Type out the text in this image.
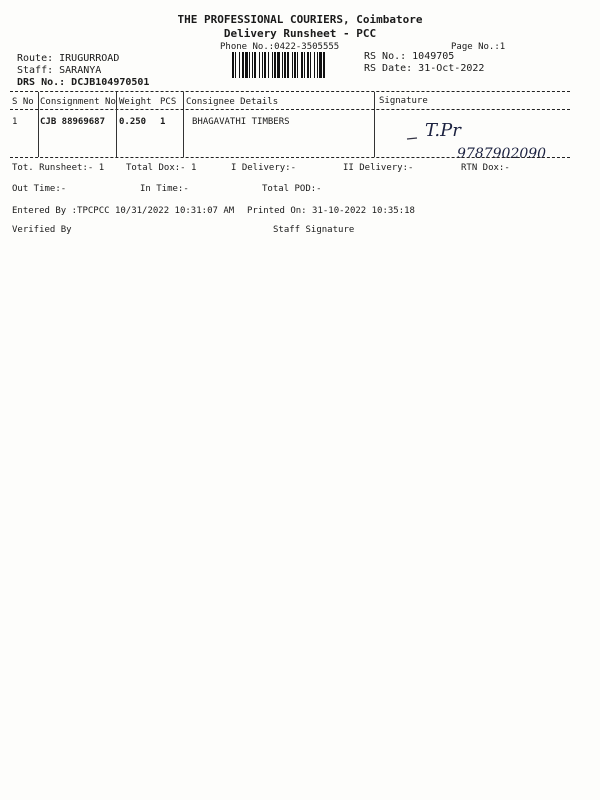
THE PROFESSIONAL COURIERS, Coimbatore
Delivery Runsheet - PCC
Phone No.:0422-3505555	Page No.:1
Route: IRUGURROAD
Staff: SARANYA
DRS No.: DCJB104970501
RS No.: 1049705
RS Date: 31-Oct-2022
S No Consignment No Weight PCS Consignee Details	Signature
1	CJB 88969687 0.250 1	BHAGAVATHI TIMBERS	T.Pr
9787902090
Tot. Runsheet:- 1 Total Dox:- 1	I Delivery:-	II Delivery:-	RTN Dox:-
Out Time:-	In Time:-	Total POD:-
Entered By :TPCPCC 10/31/2022 10:31:07 AM Printed On: 31-10-2022 10:35:18
Verified By	Staff Signature
